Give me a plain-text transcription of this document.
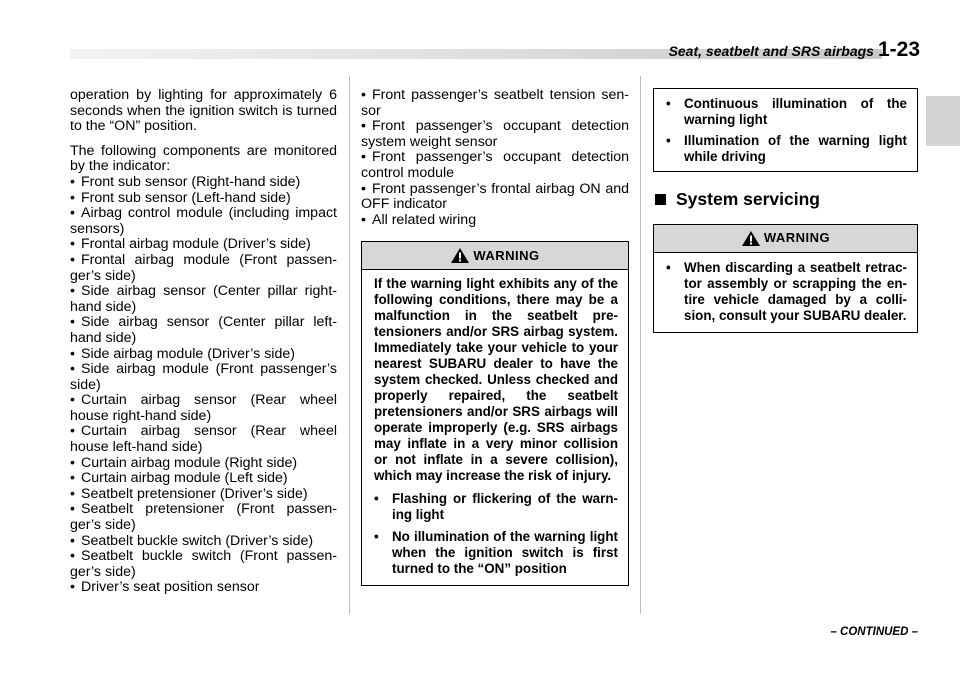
Seat, seatbelt and SRS airbags 1-23

operation by lighting for approximately 6 seconds when the ignition switch is turned to the “ON” position.

The following components are monitored by the indicator:

• Front sub sensor (Right-hand side)

• Front sub sensor (Left-hand side)

• Airbag control module (including impact sensors)

• Frontal airbag module (Driver’s side)

• Frontal airbag module (Front passenger’s side)

• Side airbag sensor (Center pillar right-hand side)

• Side airbag sensor (Center pillar left-hand side)

• Side airbag module (Driver’s side)

• Side airbag module (Front passenger’s side)

• Curtain airbag sensor (Rear wheel house right-hand side)

• Curtain airbag sensor (Rear wheel house left-hand side)

• Curtain airbag module (Right side)

• Curtain airbag module (Left side)

• Seatbelt pretensioner (Driver’s side)

• Seatbelt pretensioner (Front passenger’s side)

• Seatbelt buckle switch (Driver’s side)

• Seatbelt buckle switch (Front passenger’s side)

• Driver’s seat position sensor

• Front passenger’s seatbelt tension sensor

• Front passenger’s occupant detection system weight sensor

• Front passenger’s occupant detection control module

• Front passenger’s frontal airbag ON and OFF indicator

• All related wiring

WARNING

If the warning light exhibits any of the following conditions, there may be a malfunction in the seatbelt pretensioners and/or SRS airbag system. Immediately take your vehicle to your nearest SUBARU dealer to have the system checked. Unless checked and properly repaired, the seatbelt pretensioners and/or SRS airbags will operate improperly (e.g. SRS airbags may inflate in a very minor collision or not inflate in a severe collision), which may increase the risk of injury.

• Flashing or flickering of the warning light
• No illumination of the warning light when the ignition switch is first turned to the “ON” position
• Continuous illumination of the warning light
• Illumination of the warning light while driving
System servicing
WARNING
• When discarding a seatbelt retractor assembly or scrapping the entire vehicle damaged by a collision, consult your SUBARU dealer.
– CONTINUED –
